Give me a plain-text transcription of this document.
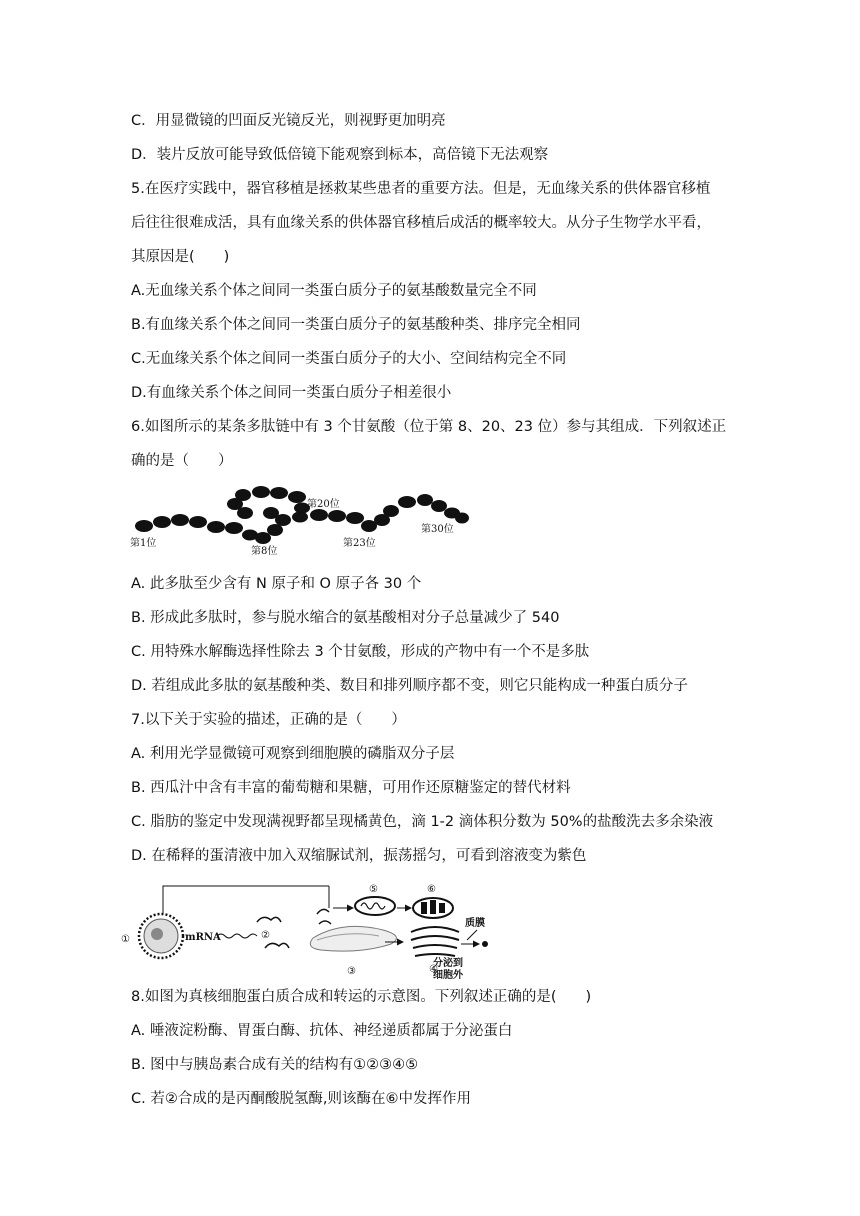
C．用显微镜的凹面反光镜反光，则视野更加明亮
D．装片反放可能导致低倍镜下能观察到标本，高倍镜下无法观察
5.在医疗实践中，器官移植是拯救某些患者的重要方法。但是，无血缘关系的供体器官移植
后往往很难成活，具有血缘关系的供体器官移植后成活的概率较大。从分子生物学水平看，
其原因是(　　)
A.无血缘关系个体之间同一类蛋白质分子的氨基酸数量完全不同
B.有血缘关系个体之间同一类蛋白质分子的氨基酸种类、排序完全相同
C.无血缘关系个体之间同一类蛋白质分子的大小、空间结构完全不同
D.有血缘关系个体之间同一类蛋白质分子相差很小
6.如图所示的某条多肽链中有 3 个甘氨酸（位于第 8、20、23 位）参与其组成．下列叙述正
确的是（　　）
第1位
第8位
第20位
第23位
第30位
A. 此多肽至少含有 N 原子和 O 原子各 30 个
B. 形成此多肽时，参与脱水缩合的氨基酸相对分子总量减少了 540
C. 用特殊水解酶选择性除去 3 个甘氨酸，形成的产物中有一个不是多肽
D. 若组成此多肽的氨基酸种类、数目和排列顺序都不变，则它只能构成一种蛋白质分子
7.以下关于实验的描述，正确的是（　　）
A. 利用光学显微镜可观察到细胞膜的磷脂双分子层
B. 西瓜汁中含有丰富的葡萄糖和果糖，可用作还原糖鉴定的替代材料
C. 脂肪的鉴定中发现满视野都呈现橘黄色，滴 1-2 滴体积分数为 50%的盐酸洗去多余染液
D. 在稀释的蛋清液中加入双缩脲试剂，振荡摇匀，可看到溶液变为紫色
①	mRNA	②
⑤	⑥
③	④
质膜
分泌到
细胞外
8.如图为真核细胞蛋白质合成和转运的示意图。下列叙述正确的是(　　)
A. 唾液淀粉酶、胃蛋白酶、抗体、神经递质都属于分泌蛋白
B. 图中与胰岛素合成有关的结构有①②③④⑤
C. 若②合成的是丙酮酸脱氢酶,则该酶在⑥中发挥作用
